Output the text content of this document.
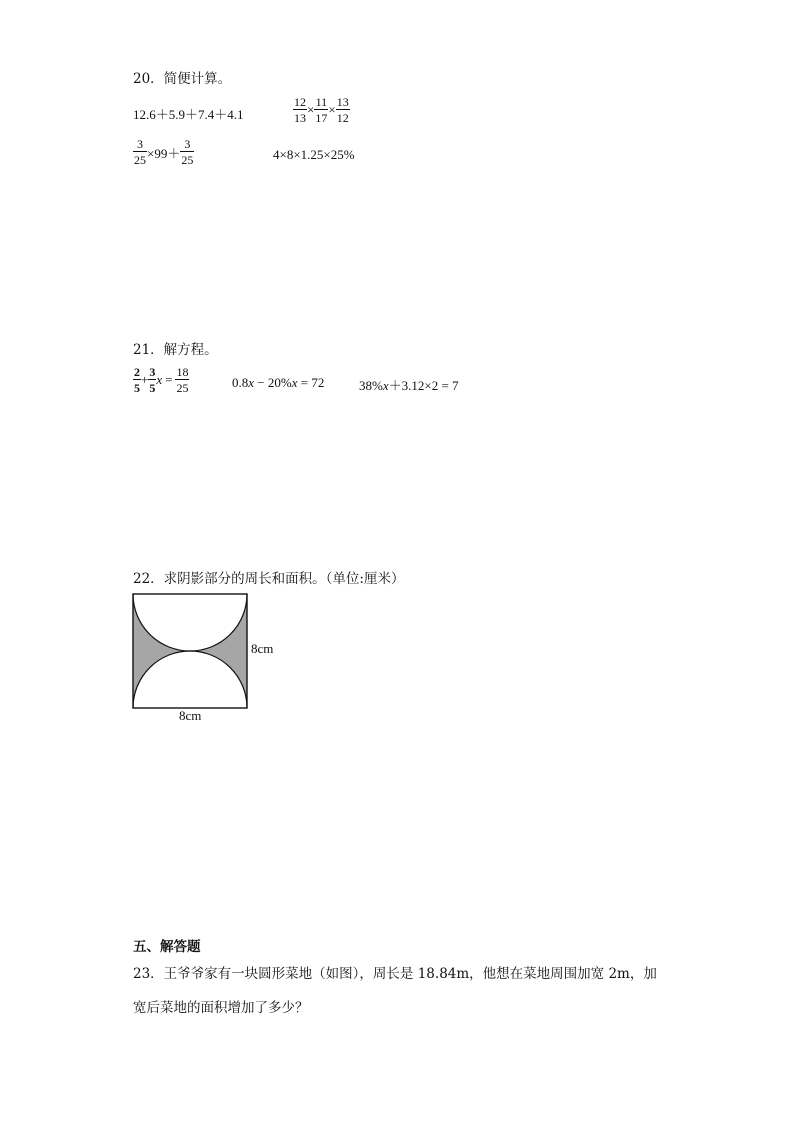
20．简便计算。
12.6＋5.9＋7.4＋4.1	$\frac{12}{13} \times \frac{11}{17} \times \frac{13}{12}$
$\frac{3}{25} \times 99+ \frac{3}{25}$	4×8×1.25×25%
21．解方程。
$\frac{2}{5} + \frac{3}{5}$ $x = \frac{18}{25}$	0.8x − 20%x = 72	38%x＋3.12×2 = 7
22．求阴影部分的周长和面积。（单位:厘米）
8cm
8cm
五、解答题
23．王爷爷家有一块圆形菜地（如图），周长是 18.84m，他想在菜地周围加宽 2m，加
宽后菜地的面积增加了多少？
